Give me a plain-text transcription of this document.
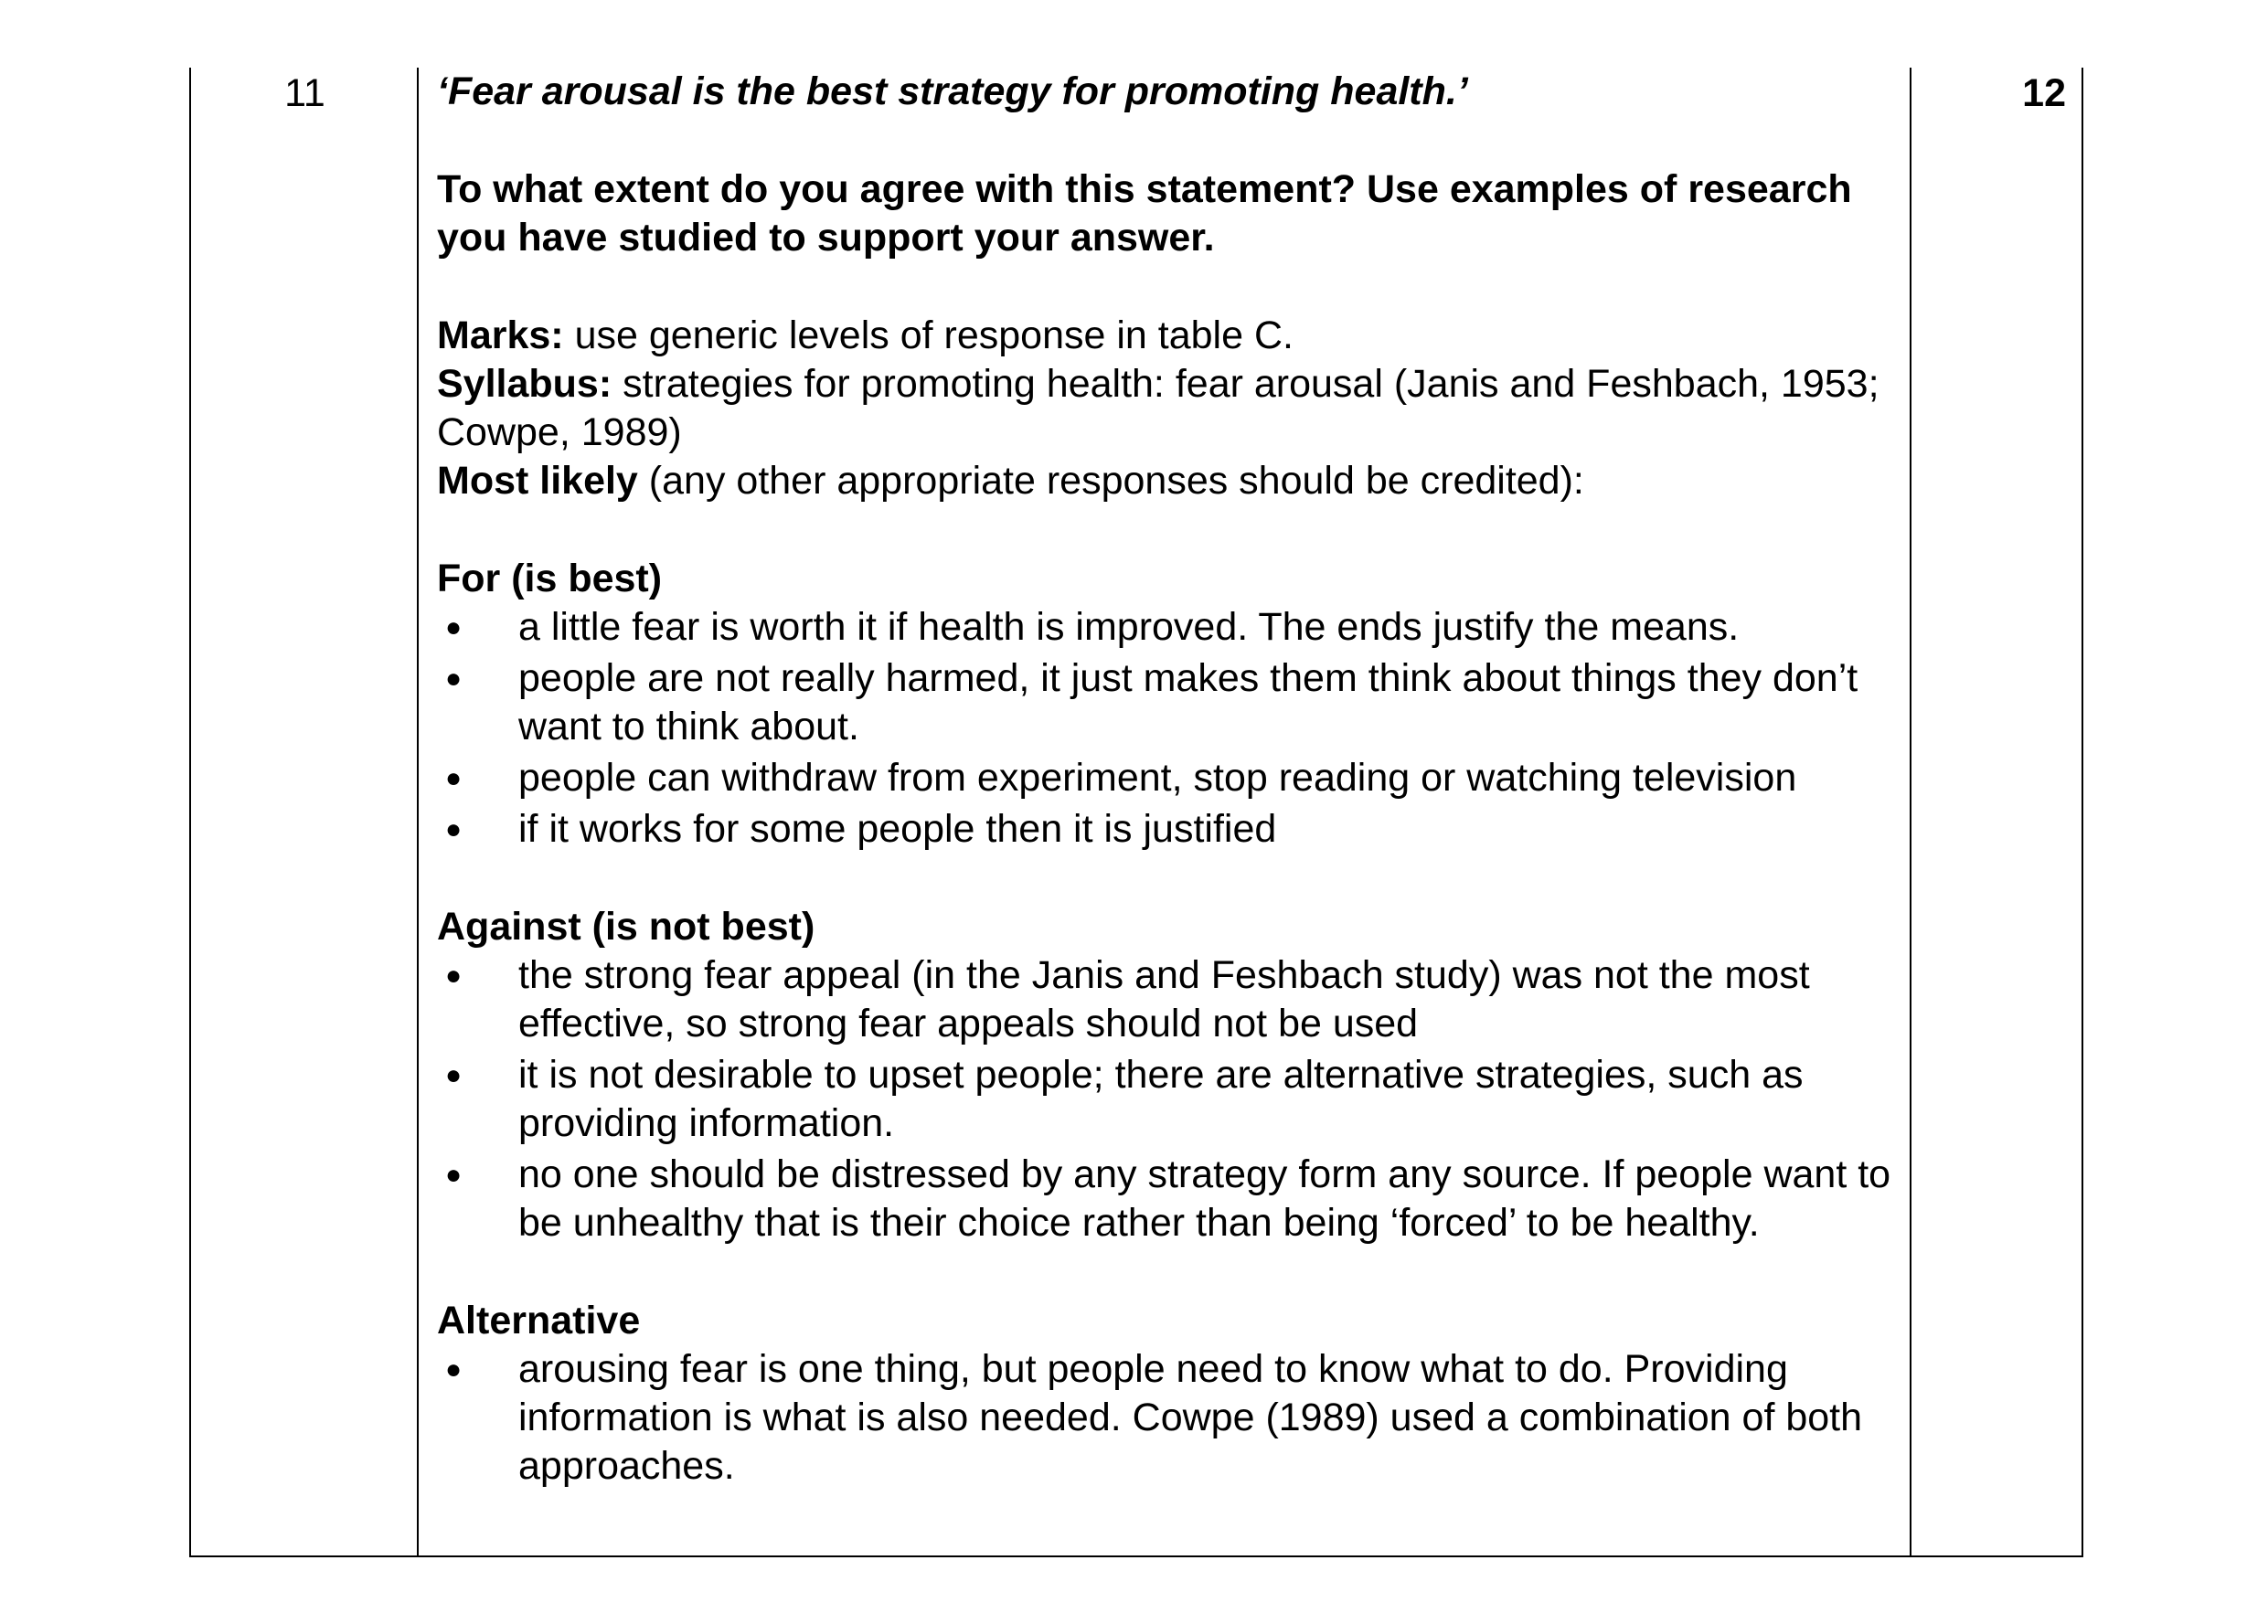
11	12

‘Fear arousal is the best strategy for promoting health.’

To what extent do you agree with this statement? Use examples of research you have studied to support your answer.

Marks: use generic levels of response in table C.

Syllabus: strategies for promoting health: fear arousal (Janis and Feshbach, 1953; Cowpe, 1989)

Most likely (any other appropriate responses should be credited):

For (is best)

● a little fear is worth it if health is improved. The ends justify the means.
● people are not really harmed, it just makes them think about things they don’t want to think about.
● people can withdraw from experiment, stop reading or watching television
● if it works for some people then it is justified

Against (is not best)

● the strong fear appeal (in the Janis and Feshbach study) was not the most effective, so strong fear appeals should not be used
● it is not desirable to upset people; there are alternative strategies, such as providing information.
● no one should be distressed by any strategy form any source. If people want to be unhealthy that is their choice rather than being ‘forced’ to be healthy.

Alternative

● arousing fear is one thing, but people need to know what to do. Providing information is what is also needed. Cowpe (1989) used a combination of both approaches.
